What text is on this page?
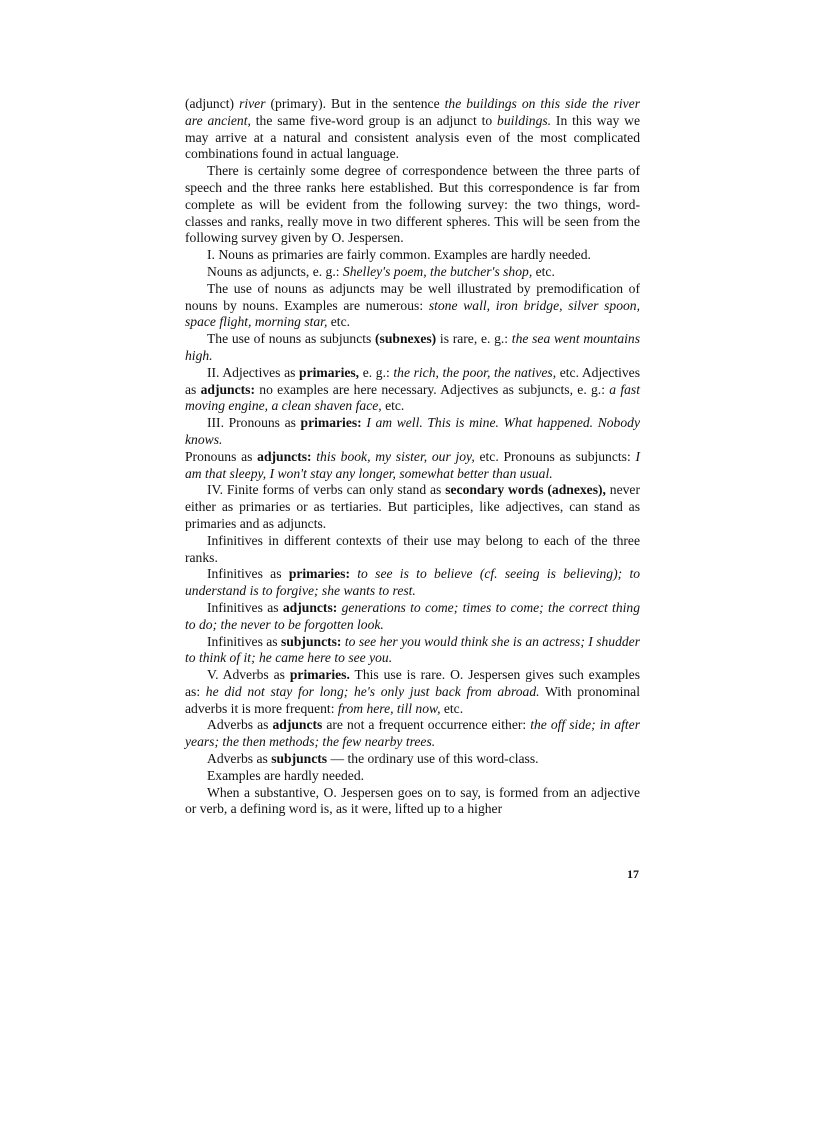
(adjunct) river (primary). But in the sentence the buildings on this side the river are ancient, the same five-word group is an adjunct to buildings. In this way we may arrive at a natural and consistent analysis even of the most complicated combinations found in actual language.

There is certainly some degree of correspondence between the three parts of speech and the three ranks here established. But this correspondence is far from complete as will be evident from the following survey: the two things, word-classes and ranks, really move in two different spheres. This will be seen from the following survey given by O. Jespersen.

I. Nouns as primaries are fairly common. Examples are hardly needed.

Nouns as adjuncts, e. g.: Shelley's poem, the butcher's shop, etc.

The use of nouns as adjuncts may be well illustrated by premodification of nouns by nouns. Examples are numerous: stone wall, iron bridge, silver spoon, space flight, morning star, etc.

The use of nouns as subjuncts (subnexes) is rare, e. g.: the sea went mountains high.

II. Adjectives as primaries, e. g.: the rich, the poor, the natives, etc. Adjectives as adjuncts: no examples are here necessary. Adjectives as subjuncts, e. g.: a fast moving engine, a clean shaven face, etc.

III. Pronouns as primaries: I am well. This is mine. What happened. Nobody knows.

Pronouns as adjuncts: this book, my sister, our joy, etc. Pronouns as subjuncts: I am that sleepy, I won't stay any longer, somewhat better than usual.

IV. Finite forms of verbs can only stand as secondary words (adnexes), never either as primaries or as tertiaries. But participles, like adjectives, can stand as primaries and as adjuncts.

Infinitives in different contexts of their use may belong to each of the three ranks.

Infinitives as primaries: to see is to believe (cf. seeing is believing); to understand is to forgive; she wants to rest.

Infinitives as adjuncts: generations to come; times to come; the correct thing to do; the never to be forgotten look.

Infinitives as subjuncts: to see her you would think she is an actress; I shudder to think of it; he came here to see you.

V. Adverbs as primaries. This use is rare. O. Jespersen gives such examples as: he did not stay for long; he's only just back from abroad. With pronominal adverbs it is more frequent: from here, till now, etc.

Adverbs as adjuncts are not a frequent occurrence either: the off side; in after years; the then methods; the few nearby trees.

Adverbs as subjuncts — the ordinary use of this word-class.

Examples are hardly needed.

When a substantive, O. Jespersen goes on to say, is formed from an adjective or verb, a defining word is, as it were, lifted up to a higher

17
